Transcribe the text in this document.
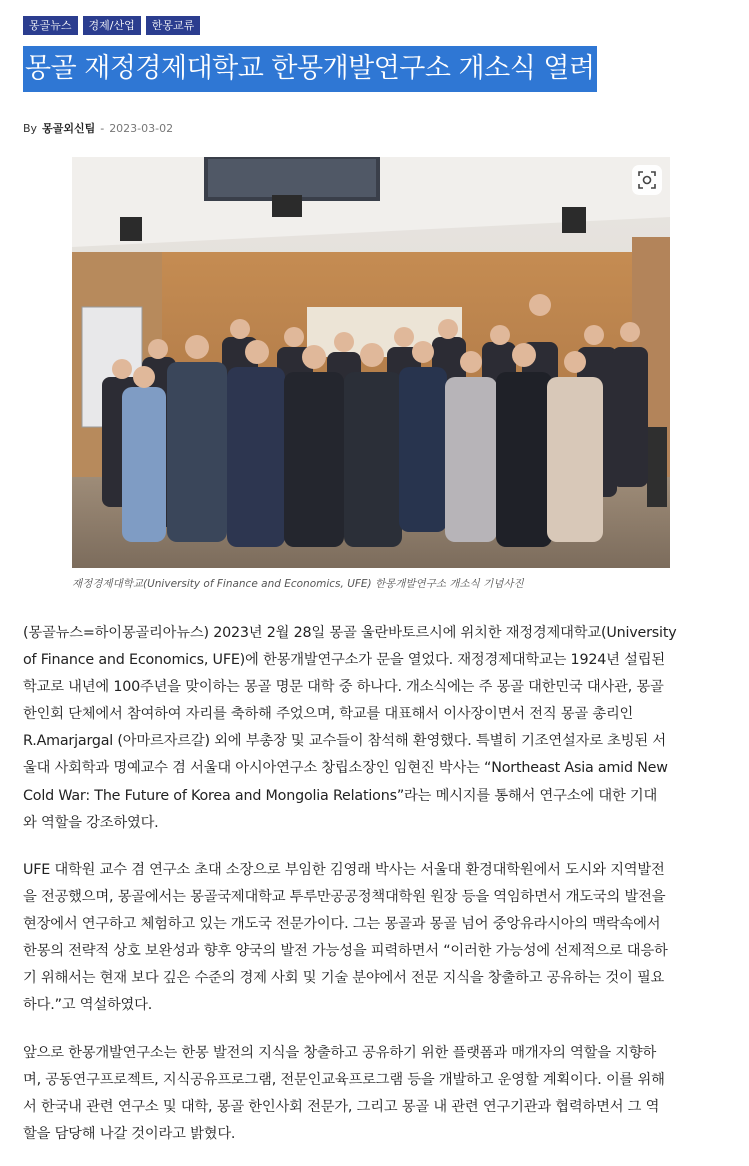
몽골뉴스	경제/산업	한몽교류
몽골 재정경제대학교 한몽개발연구소 개소식 열려
By 몽골외신팀 - 2023-03-02
재정경제대학교(University of Finance and Economics, UFE) 한몽개발연구소 개소식 기념사진
(몽골뉴스=하이몽골리아뉴스) 2023년 2월 28일 몽골 울란바토르시에 위치한 재정경제대학교(University
of Finance and Economics, UFE)에 한몽개발연구소가 문을 열었다. 재정경제대학교는 1924년 설립된
학교로 내년에 100주년을 맞이하는 몽골 명문 대학 중 하나다. 개소식에는 주 몽골 대한민국 대사관, 몽골
한인회 단체에서 참여하여 자리를 축하해 주었으며, 학교를 대표해서 이사장이면서 전직 몽골 총리인
R.Amarjargal (아마르자르갈) 외에 부총장 및 교수들이 참석해 환영했다. 특별히 기조연설자로 초빙된 서
울대 사회학과 명예교수 겸 서울대 아시아연구소 창립소장인 임현진 박사는 “Northeast Asia amid New
Cold War: The Future of Korea and Mongolia Relations”라는 메시지를 통해서 연구소에 대한 기대
와 역할을 강조하였다.
UFE 대학원 교수 겸 연구소 초대 소장으로 부임한 김영래 박사는 서울대 환경대학원에서 도시와 지역발전
을 전공했으며, 몽골에서는 몽골국제대학교 투루만공공정책대학원 원장 등을 역임하면서 개도국의 발전을
현장에서 연구하고 체험하고 있는 개도국 전문가이다. 그는 몽골과 몽골 넘어 중앙유라시아의 맥락속에서
한몽의 전략적 상호 보완성과 향후 양국의 발전 가능성을 피력하면서 “이러한 가능성에 선제적으로 대응하
기 위해서는 현재 보다 깊은 수준의 경제 사회 및 기술 분야에서 전문 지식을 창출하고 공유하는 것이 필요
하다.”고 역설하였다.
앞으로 한몽개발연구소는 한몽 발전의 지식을 창출하고 공유하기 위한 플랫폼과 매개자의 역할을 지향하
며, 공동연구프로젝트, 지식공유프로그램, 전문인교육프로그램 등을 개발하고 운영할 계획이다. 이를 위해
서 한국내 관련 연구소 및 대학, 몽골 한인사회 전문가, 그리고 몽골 내 관련 연구기관과 협력하면서 그 역
할을 담당해 나갈 것이라고 밝혔다.
